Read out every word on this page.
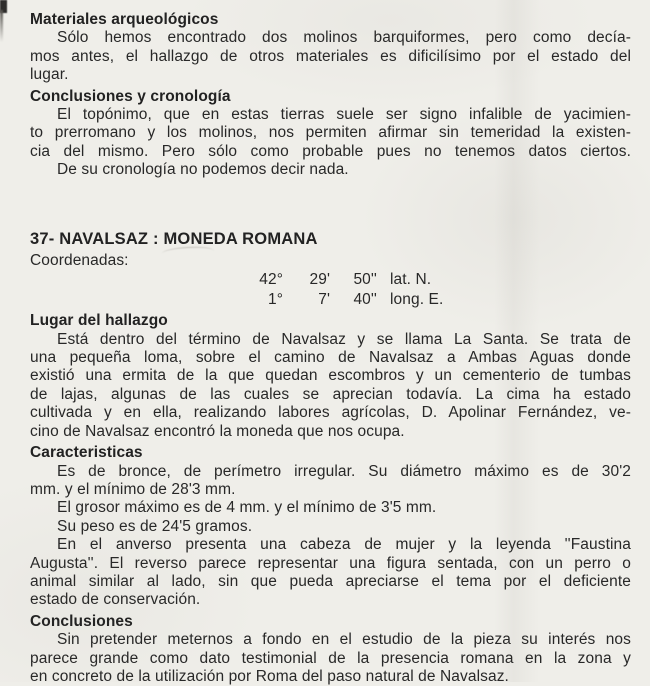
Materiales arqueológicos
Sólo hemos encontrado dos molinos barquiformes, pero como decía-
mos antes, el hallazgo de otros materiales es dificilísimo por el estado del
lugar.
Conclusiones y cronología
El topónimo, que en estas tierras suele ser signo infalible de yacimien-
to prerromano y los molinos, nos permiten afirmar sin temeridad la existen-
cia del mismo. Pero sólo como probable pues no tenemos datos ciertos.
De su cronología no podemos decir nada.
37- NAVALSAZ : MONEDA ROMANA
Coordenadas:
42°	29'	50'' lat. N.
1°	7'	40'' long. E.
Lugar del hallazgo
Está dentro del término de Navalsaz y se llama La Santa. Se trata de
una pequeña loma, sobre el camino de Navalsaz a Ambas Aguas donde
existió una ermita de la que quedan escombros y un cementerio de tumbas
de lajas, algunas de las cuales se aprecian todavía. La cima ha estado
cultivada y en ella, realizando labores agrícolas, D. Apolinar Fernández, ve-
cino de Navalsaz encontró la moneda que nos ocupa.
Caracteristicas
Es de bronce, de perímetro irregular. Su diámetro máximo es de 30'2
mm. y el mínimo de 28'3 mm.
El grosor máximo es de 4 mm. y el mínimo de 3'5 mm.
Su peso es de 24'5 gramos.
En el anverso presenta una cabeza de mujer y la leyenda ''Faustina
Augusta''. El reverso parece representar una figura sentada, con un perro o
animal similar al lado, sin que pueda apreciarse el tema por el deficiente
estado de conservación.
Conclusiones
Sin pretender meternos a fondo en el estudio de la pieza su interés nos
parece grande como dato testimonial de la presencia romana en la zona y
en concreto de la utilización por Roma del paso natural de Navalsaz.
